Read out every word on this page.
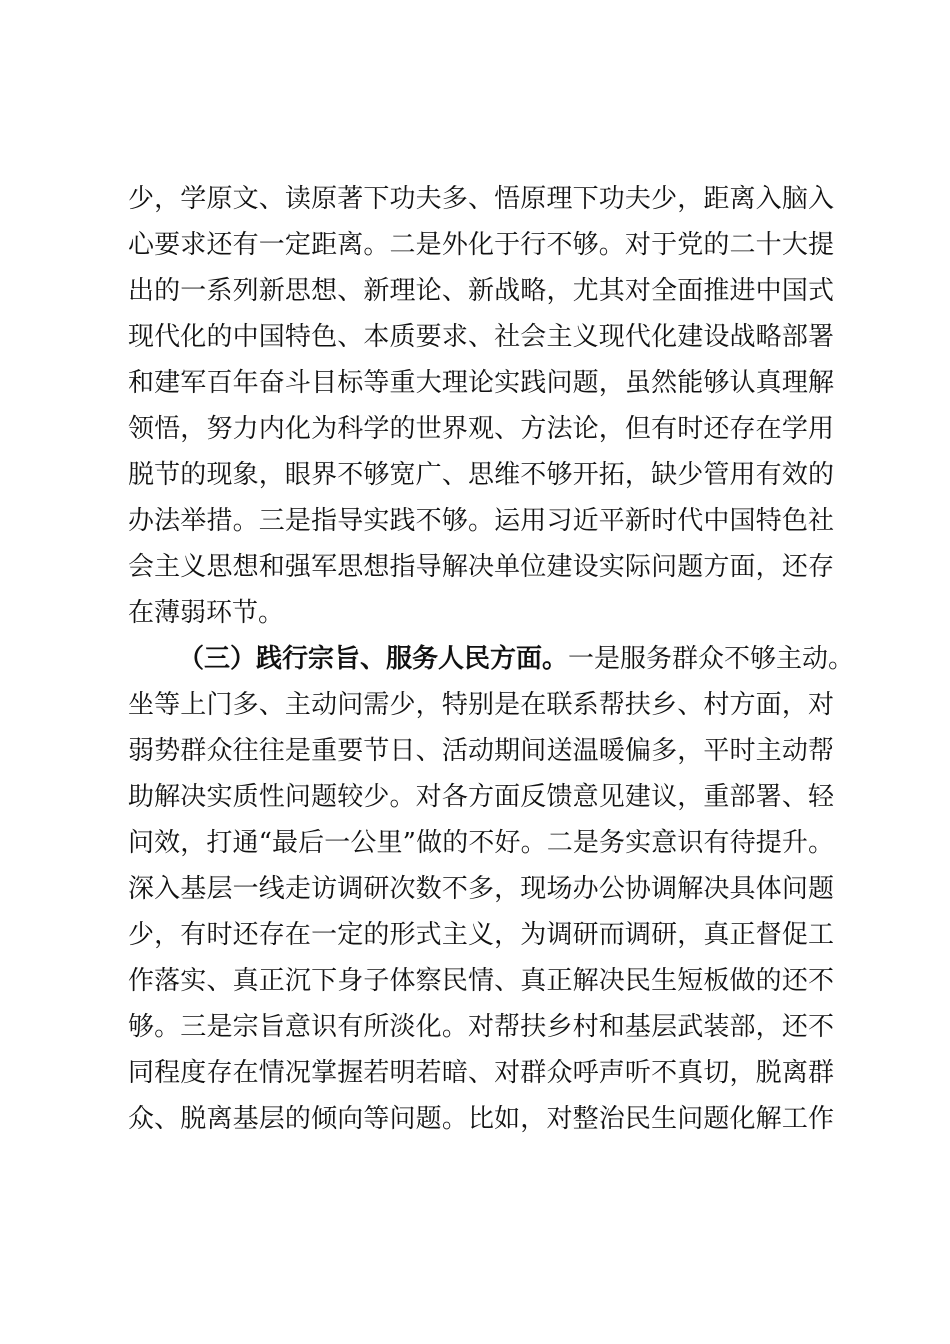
少，学原文、读原著下功夫多、悟原理下功夫少，距离入脑入
心要求还有一定距离。二是外化于行不够。对于党的二十大提
出的一系列新思想、新理论、新战略，尤其对全面推进中国式
现代化的中国特色、本质要求、社会主义现代化建设战略部署
和建军百年奋斗目标等重大理论实践问题，虽然能够认真理解
领悟，努力内化为科学的世界观、方法论，但有时还存在学用
脱节的现象，眼界不够宽广、思维不够开拓，缺少管用有效的
办法举措。三是指导实践不够。运用习近平新时代中国特色社
会主义思想和强军思想指导解决单位建设实际问题方面，还存
在薄弱环节。
（三）践行宗旨、服务人民方面。一是服务群众不够主动。
坐等上门多、主动问需少，特别是在联系帮扶乡、村方面，对
弱势群众往往是重要节日、活动期间送温暖偏多，平时主动帮
助解决实质性问题较少。对各方面反馈意见建议，重部署、轻
问效，打通“最后一公里”做的不好。二是务实意识有待提升。
深入基层一线走访调研次数不多，现场办公协调解决具体问题
少，有时还存在一定的形式主义，为调研而调研，真正督促工
作落实、真正沉下身子体察民情、真正解决民生短板做的还不
够。三是宗旨意识有所淡化。对帮扶乡村和基层武装部，还不
同程度存在情况掌握若明若暗、对群众呼声听不真切，脱离群
众、脱离基层的倾向等问题。比如，对整治民生问题化解工作
